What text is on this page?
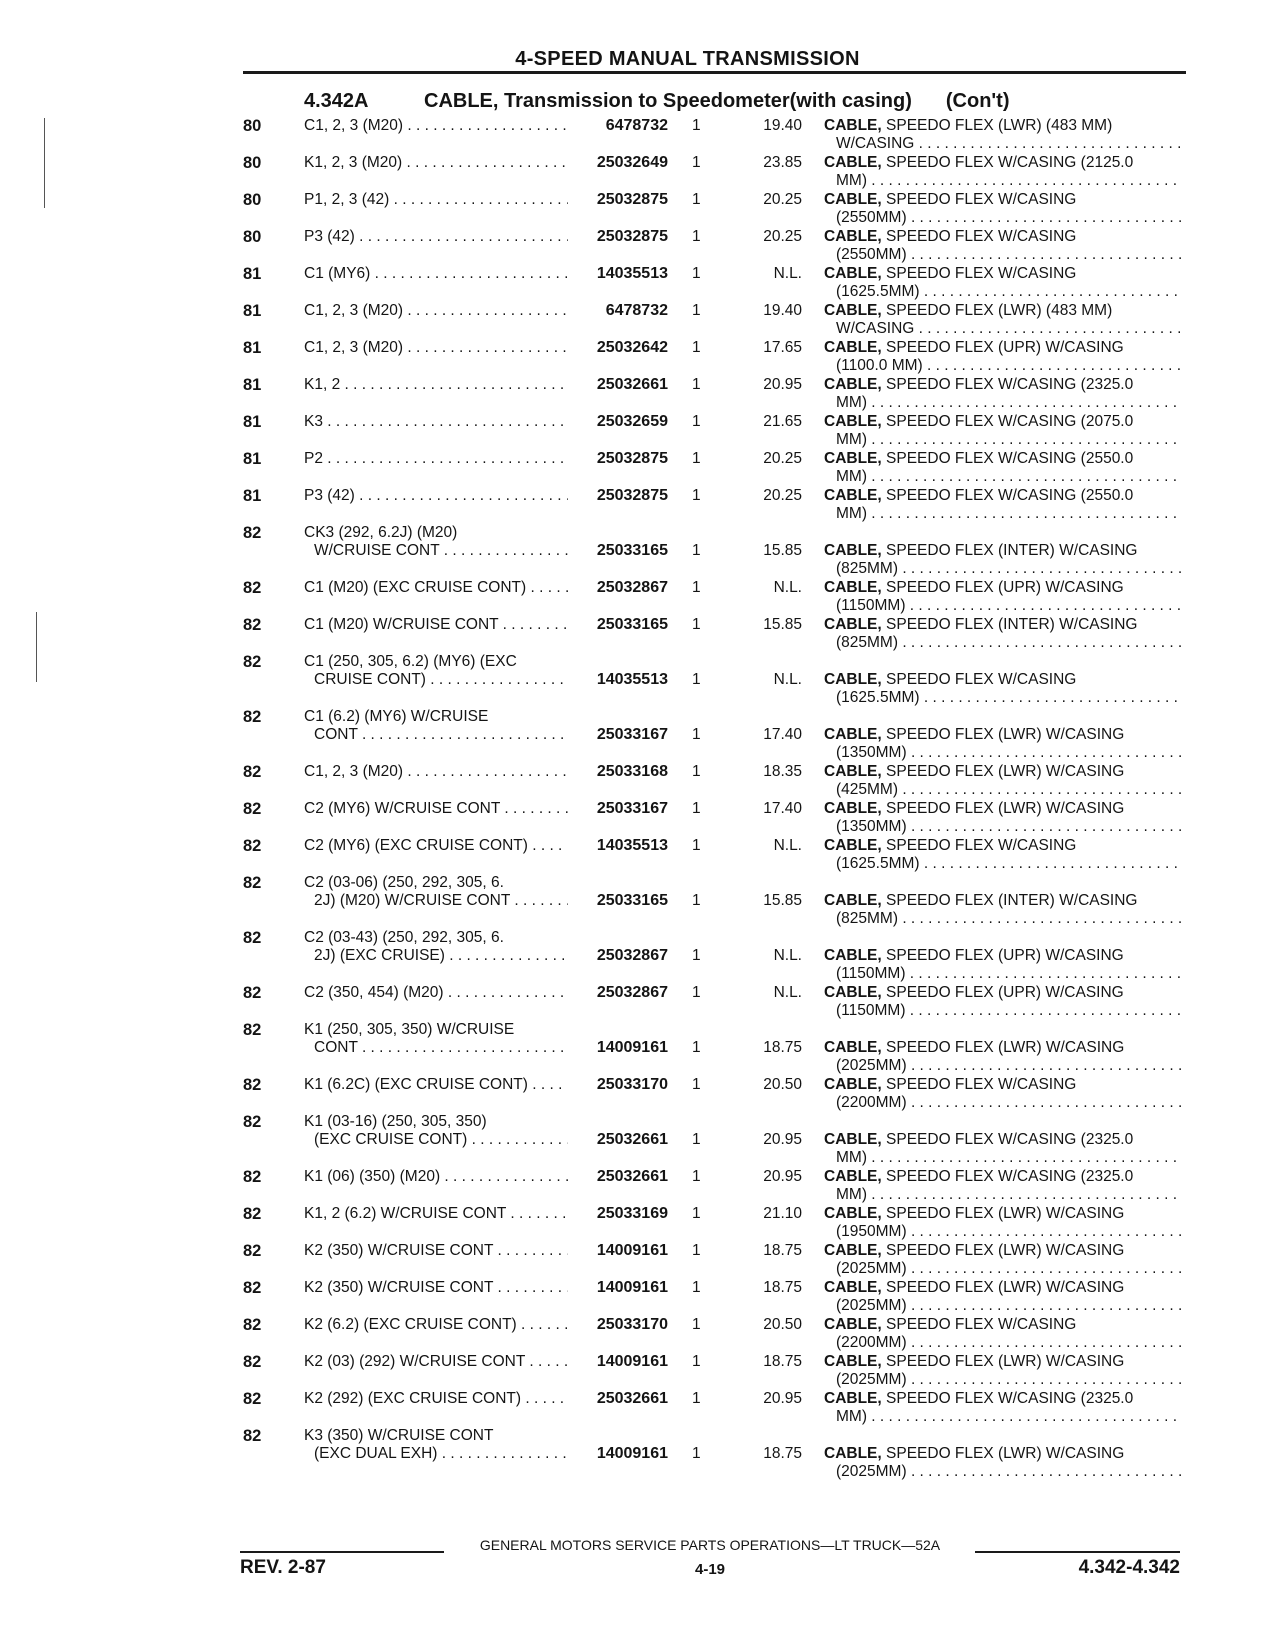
4-SPEED MANUAL TRANSMISSION
4.342A	CABLE, Transmission to Speedometer(with casing) (Con't)
80	C1, 2, 3 (M20) . . .	6478732 1	19.40 CABLE, SPEEDO FLEX (LWR) (483 MM)
W/CASING . . .
80	K1, 2, 3 (M20) . . .	25032649 1	23.85 CABLE, SPEEDO FLEX W/CASING (2125.0
MM) . . .
80	P1, 2, 3 (42) . . .	25032875 1	20.25 CABLE, SPEEDO FLEX W/CASING
(2550MM) . . .
80	P3 (42) . . .	25032875 1	20.25 CABLE, SPEEDO FLEX W/CASING
(2550MM) . . .
81	C1 (MY6) . . .	14035513 1	N.L. CABLE, SPEEDO FLEX W/CASING
(1625.5MM) . . .
81	C1, 2, 3 (M20) . . .	6478732 1	19.40 CABLE, SPEEDO FLEX (LWR) (483 MM)
W/CASING . . .
81	C1, 2, 3 (M20) . . .	25032642 1	17.65 CABLE, SPEEDO FLEX (UPR) W/CASING
(1100.0 MM) . . .
81	K1, 2 . . .	25032661 1	20.95 CABLE, SPEEDO FLEX W/CASING (2325.0
MM) . . .
81	K3 . . .	25032659 1	21.65 CABLE, SPEEDO FLEX W/CASING (2075.0
MM) . . .
81	P2 . . .	25032875 1	20.25 CABLE, SPEEDO FLEX W/CASING (2550.0
MM) . . .
81	P3 (42) . . .	25032875 1	20.25 CABLE, SPEEDO FLEX W/CASING (2550.0
MM) . . .
82	CK3 (292, 6.2J) (M20)
W/CRUISE CONT . . .	25033165 1	15.85 CABLE, SPEEDO FLEX (INTER) W/CASING
(825MM) . . .
82	C1 (M20) (EXC CRUISE CONT) . . .	25032867 1	N.L. CABLE, SPEEDO FLEX (UPR) W/CASING
(1150MM) . . .
82	C1 (M20) W/CRUISE CONT . . .	25033165 1	15.85 CABLE, SPEEDO FLEX (INTER) W/CASING
(825MM) . . .
82	C1 (250, 305, 6.2) (MY6) (EXC
CRUISE CONT) . . .	14035513 1	N.L. CABLE, SPEEDO FLEX W/CASING
(1625.5MM) . . .
82	C1 (6.2) (MY6) W/CRUISE
CONT . . .	25033167 1	17.40 CABLE, SPEEDO FLEX (LWR) W/CASING
(1350MM) . . .
82	C1, 2, 3 (M20) . . .	25033168 1	18.35 CABLE, SPEEDO FLEX (LWR) W/CASING
(425MM) . . .
82	C2 (MY6) W/CRUISE CONT . . .	25033167 1	17.40 CABLE, SPEEDO FLEX (LWR) W/CASING
(1350MM) . . .
82	C2 (MY6) (EXC CRUISE CONT) . . .	14035513 1	N.L. CABLE, SPEEDO FLEX W/CASING
(1625.5MM) . . .
82	C2 (03-06) (250, 292, 305, 6.
2J) (M20) W/CRUISE CONT . . .	25033165 1	15.85 CABLE, SPEEDO FLEX (INTER) W/CASING
(825MM) . . .
82	C2 (03-43) (250, 292, 305, 6.
2J) (EXC CRUISE) . . .	25032867 1	N.L. CABLE, SPEEDO FLEX (UPR) W/CASING
(1150MM) . . .
82	C2 (350, 454) (M20) . . .	25032867 1	N.L. CABLE, SPEEDO FLEX (UPR) W/CASING
(1150MM) . . .
82	K1 (250, 305, 350) W/CRUISE
CONT . . .	14009161 1	18.75 CABLE, SPEEDO FLEX (LWR) W/CASING
(2025MM) . . .
82	K1 (6.2C) (EXC CRUISE CONT) . . .	25033170 1	20.50 CABLE, SPEEDO FLEX W/CASING
(2200MM) . . .
82	K1 (03-16) (250, 305, 350)
(EXC CRUISE CONT) . . .	25032661 1	20.95 CABLE, SPEEDO FLEX W/CASING (2325.0
MM) . . .
82	K1 (06) (350) (M20) . . .	25032661 1	20.95 CABLE, SPEEDO FLEX W/CASING (2325.0
MM) . . .
82	K1, 2 (6.2) W/CRUISE CONT . . .	25033169 1	21.10 CABLE, SPEEDO FLEX (LWR) W/CASING
(1950MM) . . .
82	K2 (350) W/CRUISE CONT . . .	14009161 1	18.75 CABLE, SPEEDO FLEX (LWR) W/CASING
(2025MM) . . .
82	K2 (350) W/CRUISE CONT . . .	14009161 1	18.75 CABLE, SPEEDO FLEX (LWR) W/CASING
(2025MM) . . .
82	K2 (6.2) (EXC CRUISE CONT) . . .	25033170 1	20.50 CABLE, SPEEDO FLEX W/CASING
(2200MM) . . .
82	K2 (03) (292) W/CRUISE CONT . . .	14009161 1	18.75 CABLE, SPEEDO FLEX (LWR) W/CASING
(2025MM) . . .
82	K2 (292) (EXC CRUISE CONT) . . .	25032661 1	20.95 CABLE, SPEEDO FLEX W/CASING (2325.0
MM) . . .
82	K3 (350) W/CRUISE CONT
(EXC DUAL EXH) . . .	14009161 1	18.75 CABLE, SPEEDO FLEX (LWR) W/CASING
(2025MM) . . .
GENERAL MOTORS SERVICE PARTS OPERATIONS—LT TRUCK—52A
4-19
REV. 2-87	4.342-4.342
